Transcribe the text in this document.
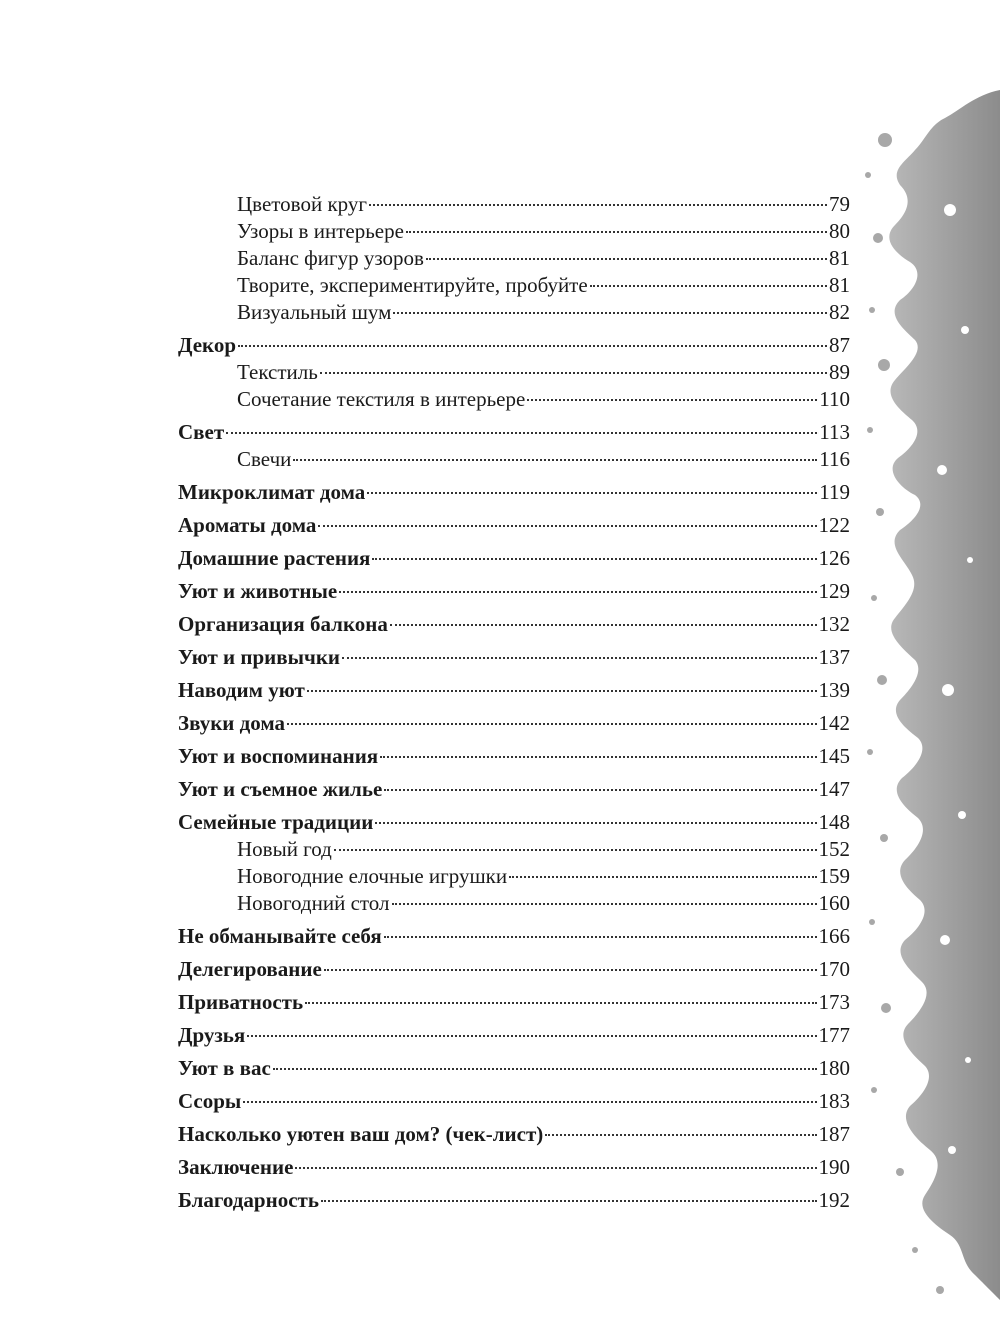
Цветовой круг	79
Узоры в интерьере	80
Баланс фигур узоров	81
Творите, экспериментируйте, пробуйте	81
Визуальный шум	82
Декор	87
Текстиль	89
Сочетание текстиля в интерьере	110
Свет	113
Свечи	116
Микроклимат дома	119
Ароматы дома	122
Домашние растения	126
Уют и животные	129
Организация балкона	132
Уют и привычки	137
Наводим уют	139
Звуки дома	142
Уют и воспоминания	145
Уют и съемное жилье	147
Семейные традиции	148
Новый год	152
Новогодние елочные игрушки	159
Новогодний стол	160
Не обманывайте себя	166
Делегирование	170
Приватность	173
Друзья	177
Уют в вас	180
Ссоры	183
Насколько уютен ваш дом? (чек-лист)	187
Заключение	190
Благодарность	192
